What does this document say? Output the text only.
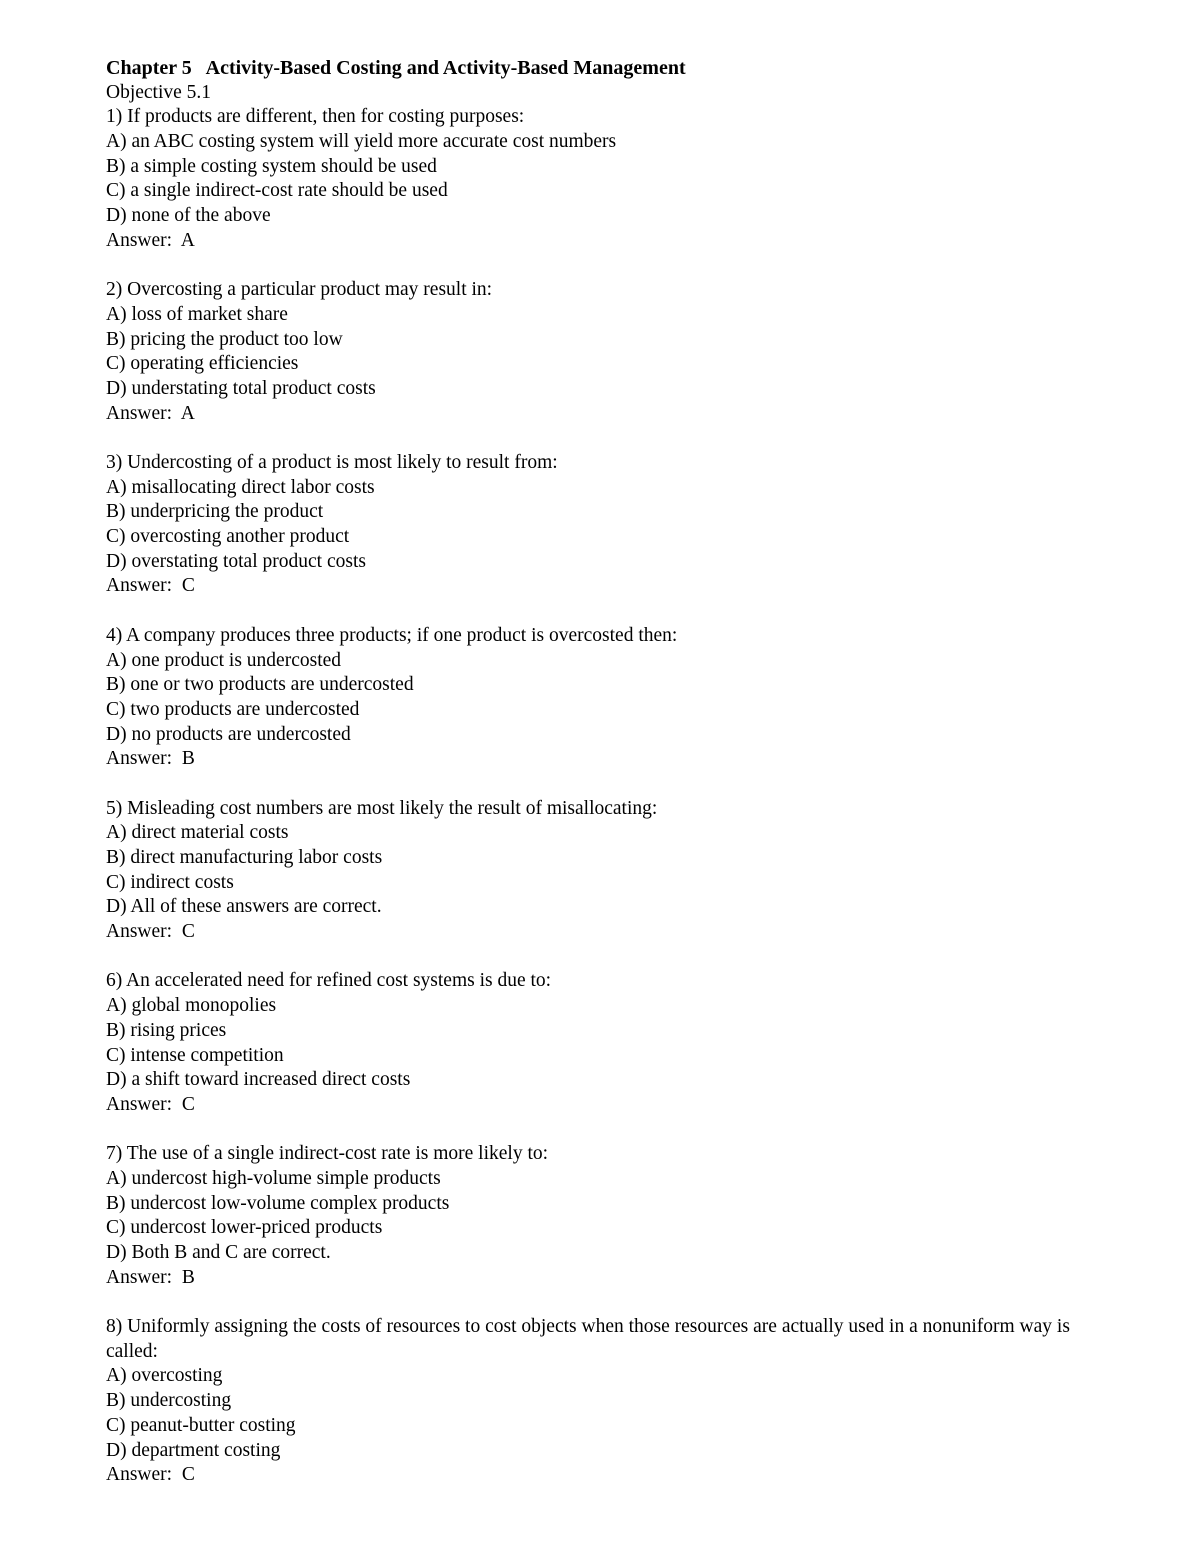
Chapter 5   Activity-Based Costing and Activity-Based Management
Objective 5.1
1) If products are different, then for costing purposes:
A) an ABC costing system will yield more accurate cost numbers
B) a simple costing system should be used
C) a single indirect-cost rate should be used
D) none of the above
Answer:  A
2) Overcosting a particular product may result in:
A) loss of market share
B) pricing the product too low
C) operating efficiencies
D) understating total product costs
Answer:  A
3) Undercosting of a product is most likely to result from:
A) misallocating direct labor costs
B) underpricing the product
C) overcosting another product
D) overstating total product costs
Answer:  C
4) A company produces three products; if one product is overcosted then:
A) one product is undercosted
B) one or two products are undercosted
C) two products are undercosted
D) no products are undercosted
Answer:  B
5) Misleading cost numbers are most likely the result of misallocating:
A) direct material costs
B) direct manufacturing labor costs
C) indirect costs
D) All of these answers are correct.
Answer:  C
6) An accelerated need for refined cost systems is due to:
A) global monopolies
B) rising prices
C) intense competition
D) a shift toward increased direct costs
Answer:  C
7) The use of a single indirect-cost rate is more likely to:
A) undercost high-volume simple products
B) undercost low-volume complex products
C) undercost lower-priced products
D) Both B and C are correct.
Answer:  B
8) Uniformly assigning the costs of resources to cost objects when those resources are actually used in a nonuniform way is called:
A) overcosting
B) undercosting
C) peanut-butter costing
D) department costing
Answer:  C
